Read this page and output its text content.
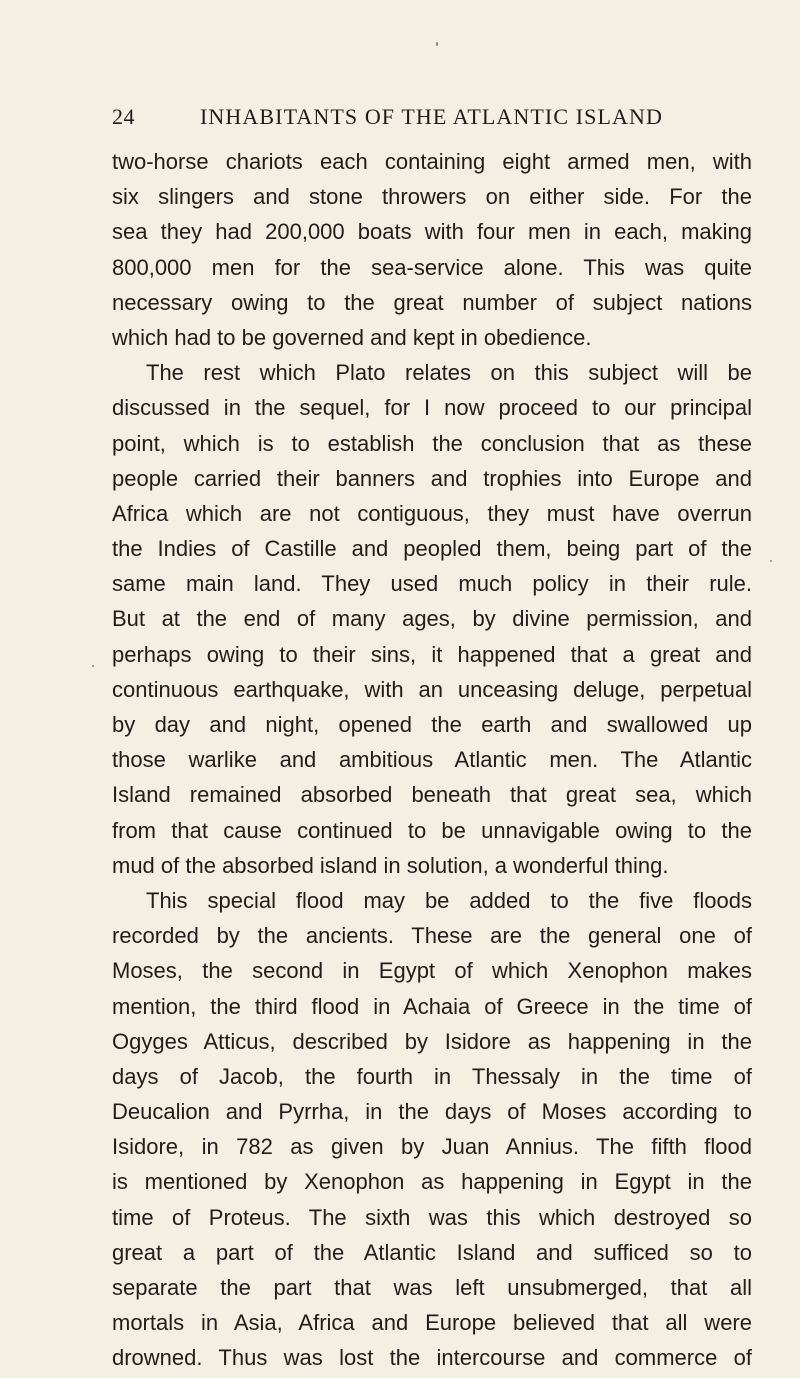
24	INHABITANTS OF THE ATLANTIC ISLAND
two-horse chariots each containing eight armed men, with
six slingers and stone throwers on either side. For the
sea they had 200,000 boats with four men in each, making
800,000 men for the sea-service alone. This was quite
necessary owing to the great number of subject nations
which had to be governed and kept in obedience.
The rest which Plato relates on this subject will be
discussed in the sequel, for I now proceed to our principal
point, which is to establish the conclusion that as these
people carried their banners and trophies into Europe and
Africa which are not contiguous, they must have overrun
the Indies of Castille and peopled them, being part of the
same main land. They used much policy in their rule.
But at the end of many ages, by divine permission, and
perhaps owing to their sins, it happened that a great and
continuous earthquake, with an unceasing deluge, perpetual
by day and night, opened the earth and swallowed up
those warlike and ambitious Atlantic men. The Atlantic
Island remained absorbed beneath that great sea, which
from that cause continued to be unnavigable owing to the
mud of the absorbed island in solution, a wonderful thing.
This special flood may be added to the five floods
recorded by the ancients. These are the general one of
Moses, the second in Egypt of which Xenophon makes
mention, the third flood in Achaia of Greece in the time of
Ogyges Atticus, described by Isidore as happening in the
days of Jacob, the fourth in Thessaly in the time of
Deucalion and Pyrrha, in the days of Moses according to
Isidore, in 782 as given by Juan Annius. The fifth flood
is mentioned by Xenophon as happening in Egypt in the
time of Proteus. The sixth was this which destroyed so
great a part of the Atlantic Island and sufficed so to
separate the part that was left unsubmerged, that all
mortals in Asia, Africa and Europe believed that all were
drowned. Thus was lost the intercourse and commerce of
